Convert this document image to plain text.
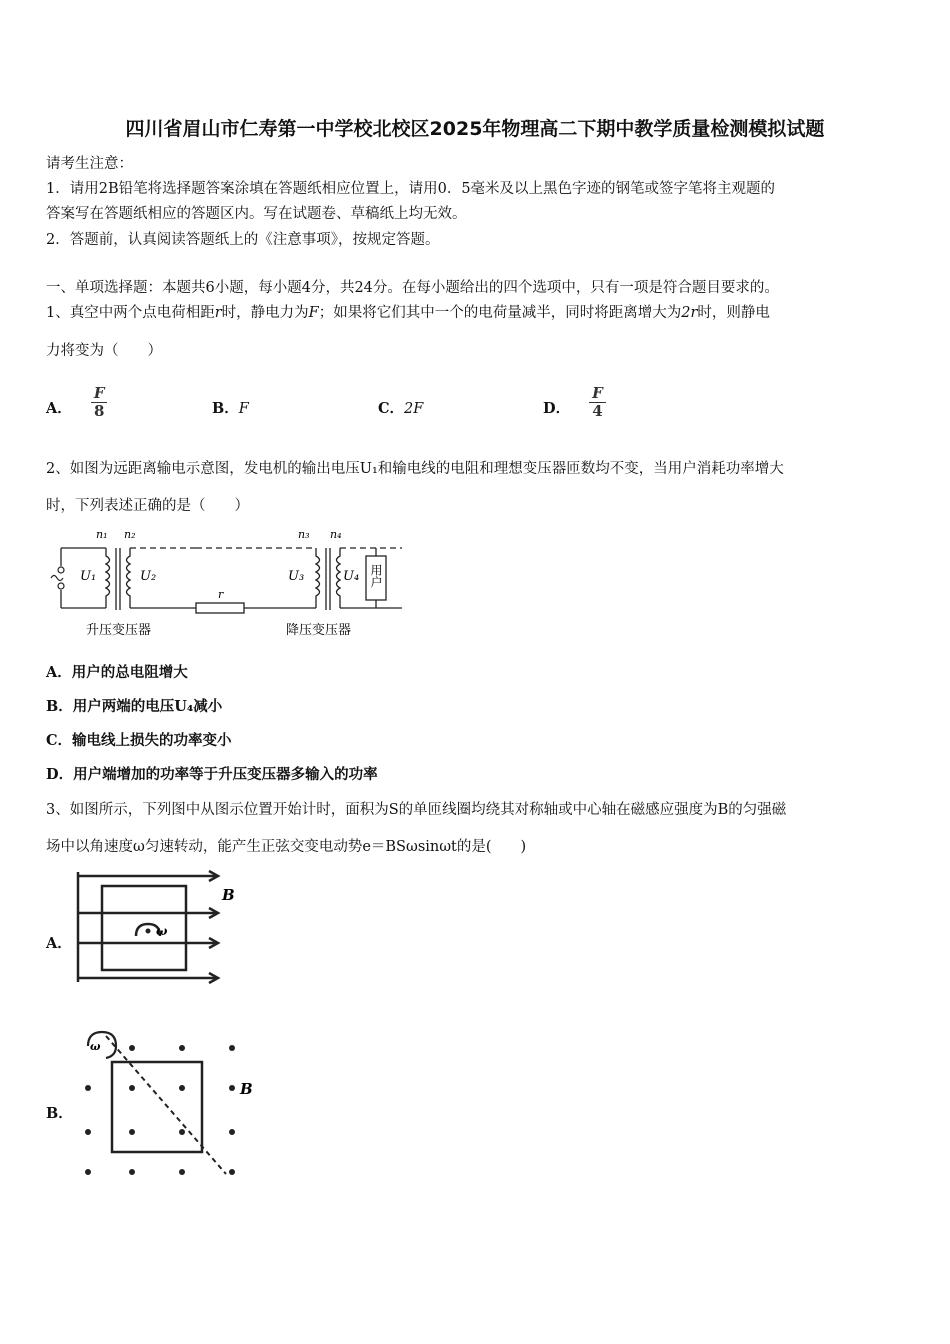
四川省眉山市仁寿第一中学校北校区2025年物理高二下期中教学质量检测模拟试题
请考生注意：
1．请用2B铅笔将选择题答案涂填在答题纸相应位置上，请用0．5毫米及以上黑色字迹的钢笔或签字笔将主观题的
答案写在答题纸相应的答题区内。写在试题卷、草稿纸上均无效。
2．答题前，认真阅读答题纸上的《注意事项》，按规定答题。
一、单项选择题：本题共6小题，每小题4分，共24分。在每小题给出的四个选项中，只有一项是符合题目要求的。
1、真空中两个点电荷相距r时，静电力为F；如果将它们其中一个的电荷量减半，同时将距离增大为2r时，则静电
力将变为（　　）
A． $\frac{F}{8}$	B．F	C．2F	D． $\frac{F}{4}$
2、如图为远距离输电示意图，发电机的输出电压U₁和输电线的电阻和理想变压器匝数均不变，当用户消耗功率增大
时，下列表述正确的是（　　）
U₁
n₁ n₂
U₂
r
n₃ n₄
U₃	U₄ 用户
升压变压器	降压变压器
A．用户的总电阻增大
B．用户两端的电压U₄减小
C．输电线上损失的功率变小
D．用户端增加的功率等于升压变压器多输入的功率
3、如图所示，下列图中从图示位置开始计时，面积为S的单匝线圈均绕其对称轴或中心轴在磁感应强度为B的匀强磁
场中以角速度ω匀速转动，能产生正弦交变电动势e＝BSωsinωt的是(　　)
A．
ω
B
B．
ω
B
